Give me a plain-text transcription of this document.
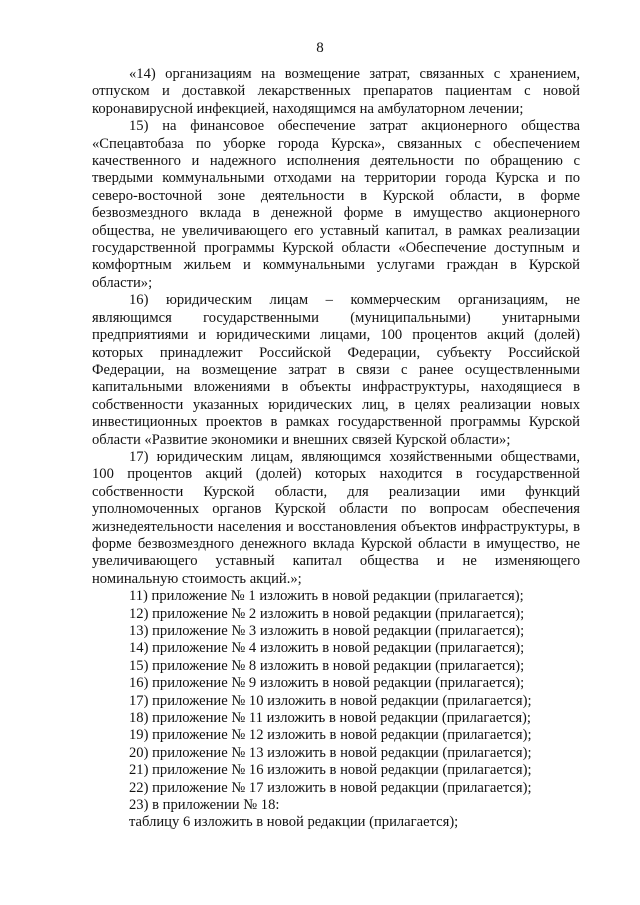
8

«14) организациям на возмещение затрат, связанных с хранением, отпуском и доставкой лекарственных препаратов пациентам с новой коронавирусной инфекцией, находящимся на амбулаторном лечении;

15) на финансовое обеспечение затрат акционерного общества «Спецавтобаза по уборке города Курска», связанных с обеспечением качественного и надежного исполнения деятельности по обращению с твердыми коммунальными отходами на территории города Курска и по северо-восточной зоне деятельности в Курской области, в форме безвозмездного вклада в денежной форме в имущество акционерного общества, не увеличивающего его уставный капитал, в рамках реализации государственной программы Курской области «Обеспечение доступным и комфортным жильем и коммунальными услугами граждан в Курской области»;

16) юридическим лицам – коммерческим организациям, не являющимся государственными (муниципальными) унитарными предприятиями и юридическими лицами, 100 процентов акций (долей) которых принадлежит Российской Федерации, субъекту Российской Федерации, на возмещение затрат в связи с ранее осуществленными капитальными вложениями в объекты инфраструктуры, находящиеся в собственности указанных юридических лиц, в целях реализации новых инвестиционных проектов в рамках государственной программы Курской области «Развитие экономики и внешних связей Курской области»;

17) юридическим лицам, являющимся хозяйственными обществами, 100 процентов акций (долей) которых находится в государственной собственности Курской области, для реализации ими функций уполномоченных органов Курской области по вопросам обеспечения жизнедеятельности населения и восстановления объектов инфраструктуры, в форме безвозмездного денежного вклада Курской области в имущество, не увеличивающего уставный капитал общества и не изменяющего номинальную стоимость акций.»;

11) приложение № 1 изложить в новой редакции (прилагается);

12) приложение № 2 изложить в новой редакции (прилагается);

13) приложение № 3 изложить в новой редакции (прилагается);

14) приложение № 4 изложить в новой редакции (прилагается);

15) приложение № 8 изложить в новой редакции (прилагается);

16) приложение № 9 изложить в новой редакции (прилагается);

17) приложение № 10 изложить в новой редакции (прилагается);

18) приложение № 11 изложить в новой редакции (прилагается);

19) приложение № 12 изложить в новой редакции (прилагается);

20) приложение № 13 изложить в новой редакции (прилагается);

21) приложение № 16 изложить в новой редакции (прилагается);

22) приложение № 17 изложить в новой редакции (прилагается);

23) в приложении № 18:

таблицу 6 изложить в новой редакции (прилагается);
